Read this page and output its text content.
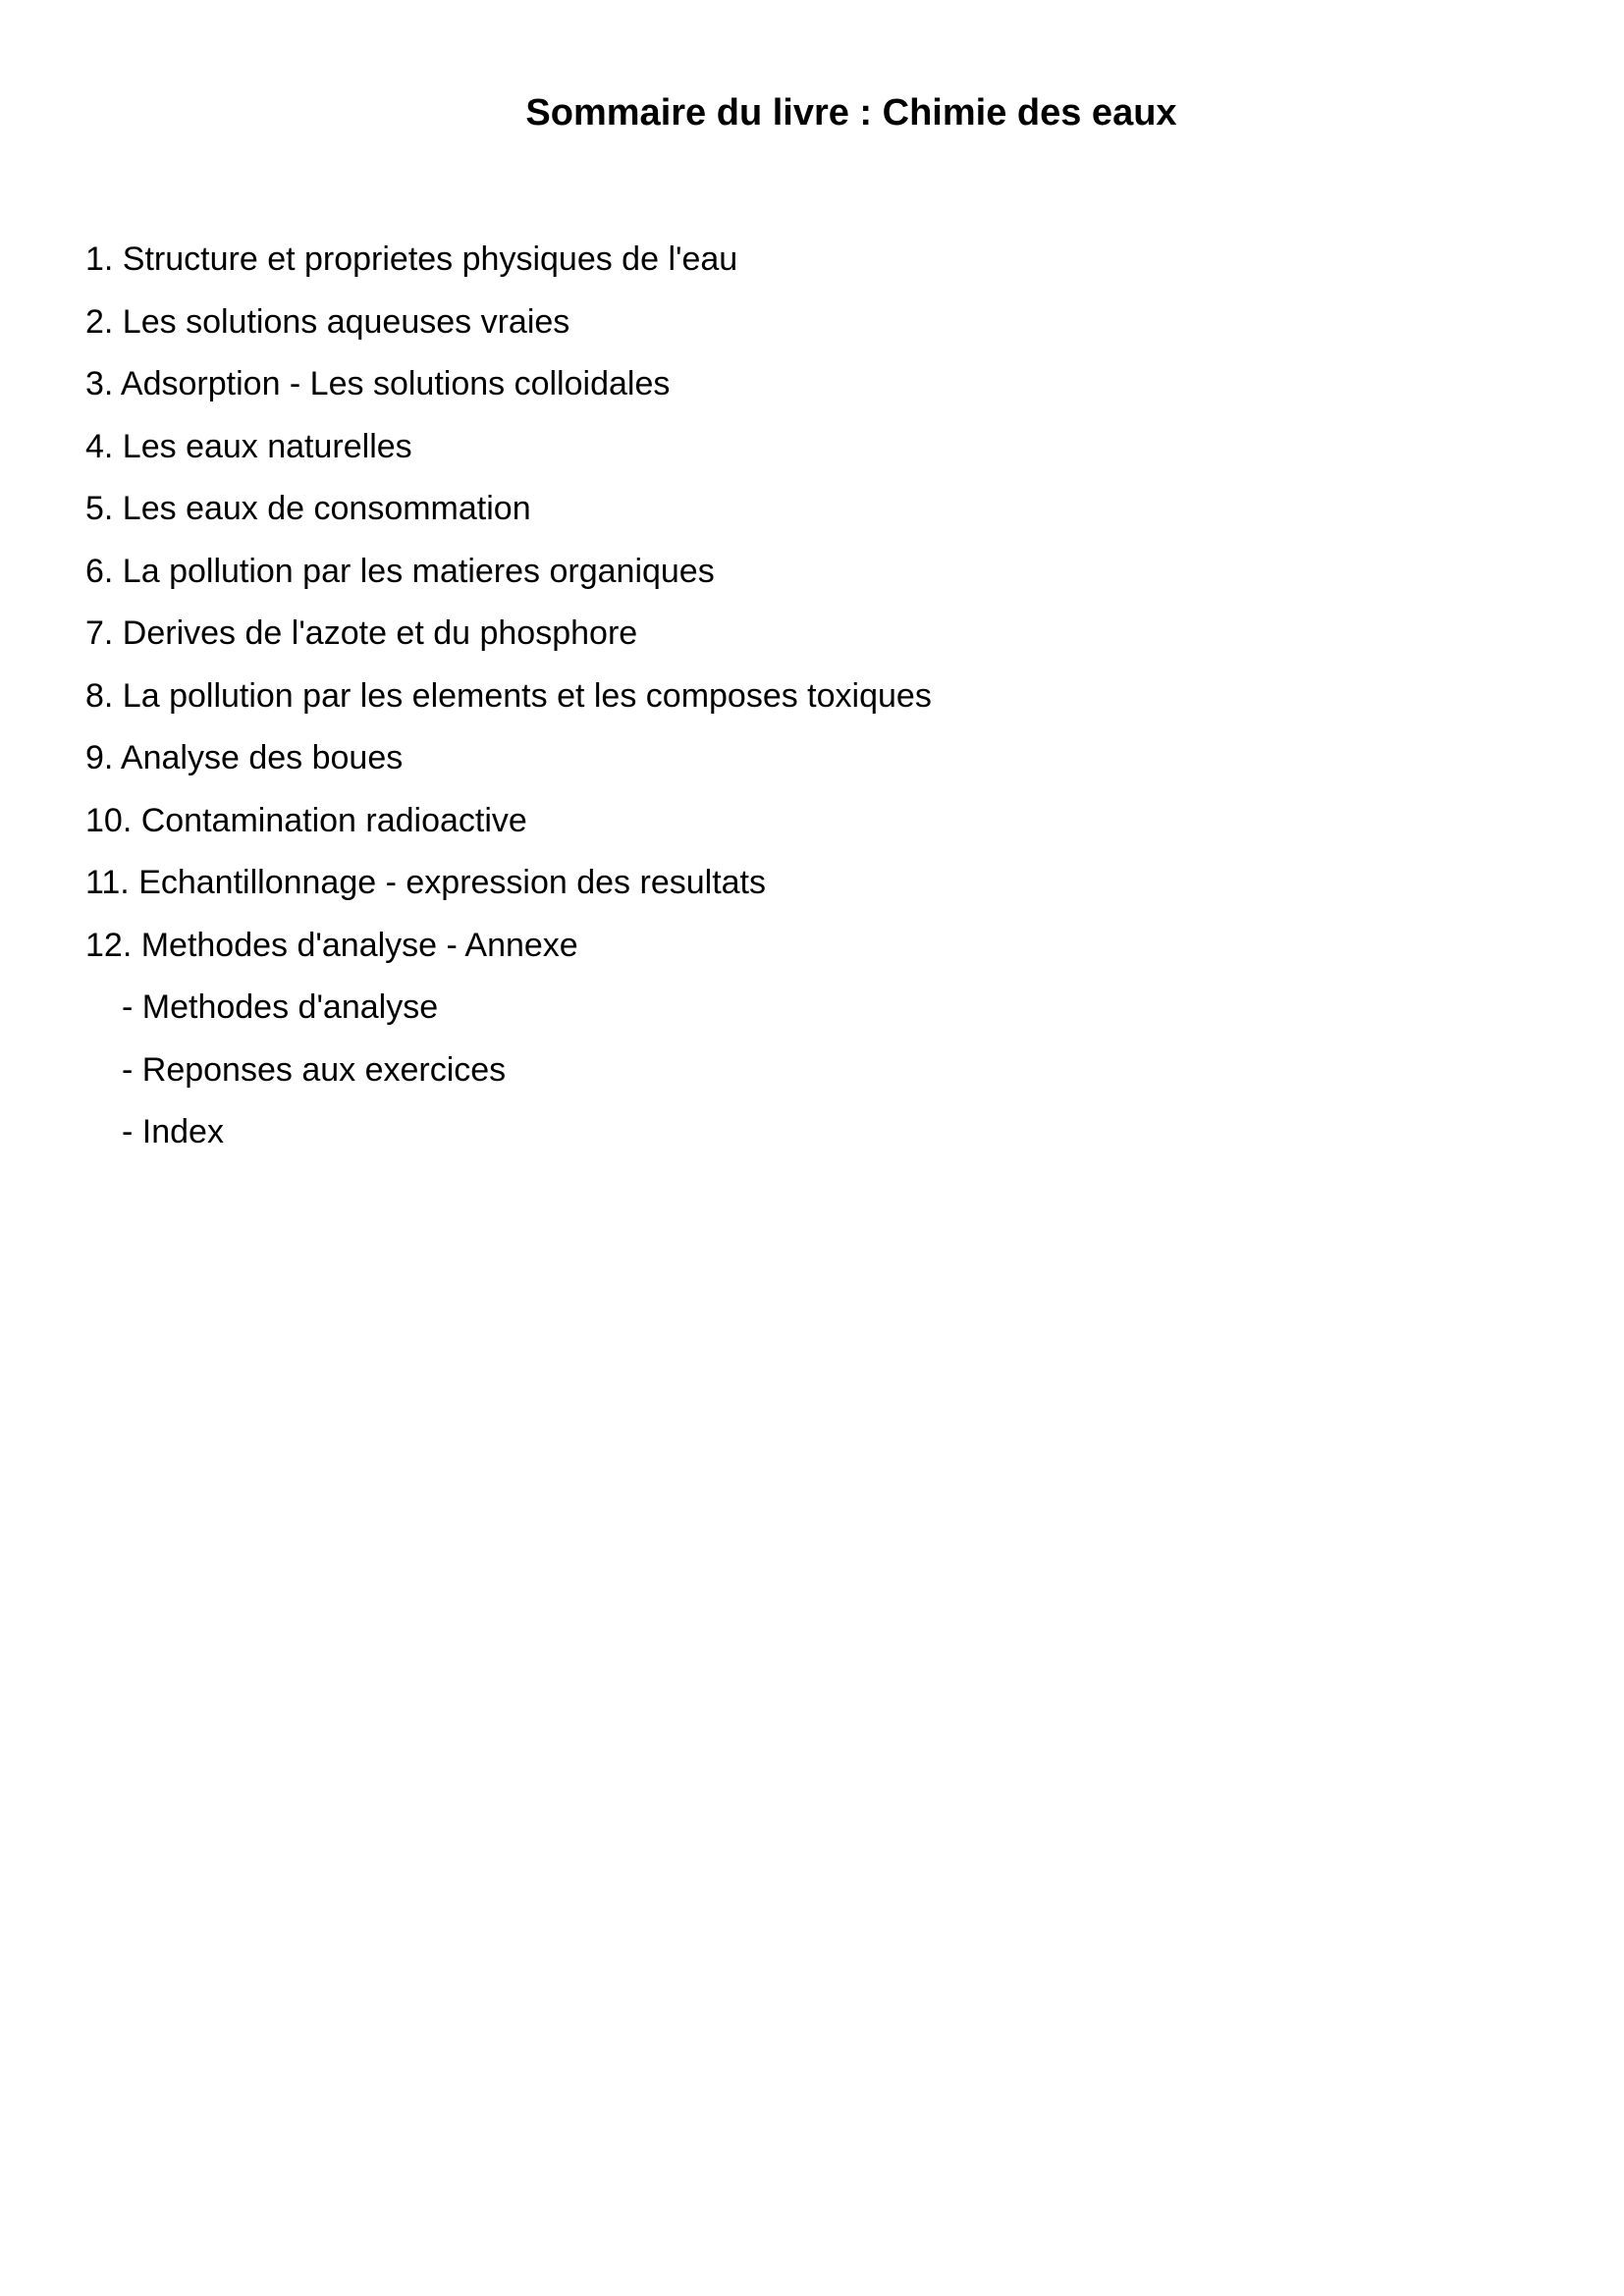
Sommaire du livre : Chimie des eaux
1. Structure et proprietes physiques de l'eau
2. Les solutions aqueuses vraies
3. Adsorption - Les solutions colloidales
4. Les eaux naturelles
5. Les eaux de consommation
6. La pollution par les matieres organiques
7. Derives de l'azote et du phosphore
8. La pollution par les elements et les composes toxiques
9. Analyse des boues
10. Contamination radioactive
11. Echantillonnage - expression des resultats
12. Methodes d'analyse - Annexe
- Methodes d'analyse
- Reponses aux exercices
- Index
